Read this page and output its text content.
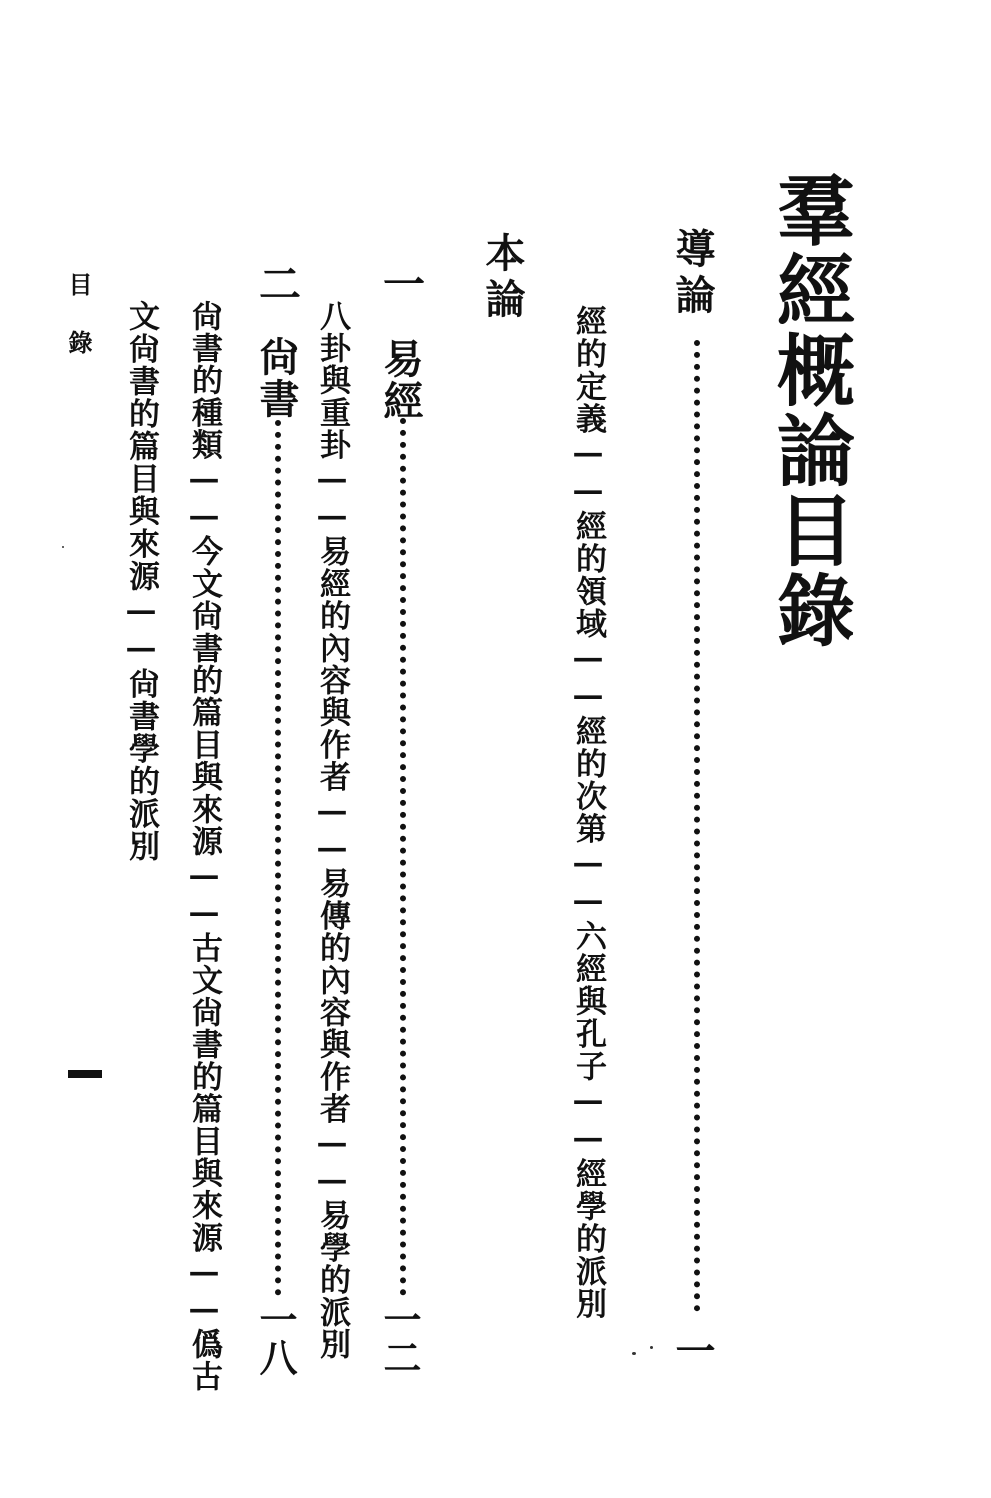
羣經概論目錄
導論
一
經的定義——經的領域——經的次第——六經與孔子——經學的派別
本論
一
易經
一二
八卦與重卦——易經的內容與作者——易傳的內容與作者——易學的派別
二
尙書
一八
尙書的種類——今文尙書的篇目與來源——古文尙書的篇目與來源——僞古
文尙書的篇目與來源——尙書學的派別
目錄
